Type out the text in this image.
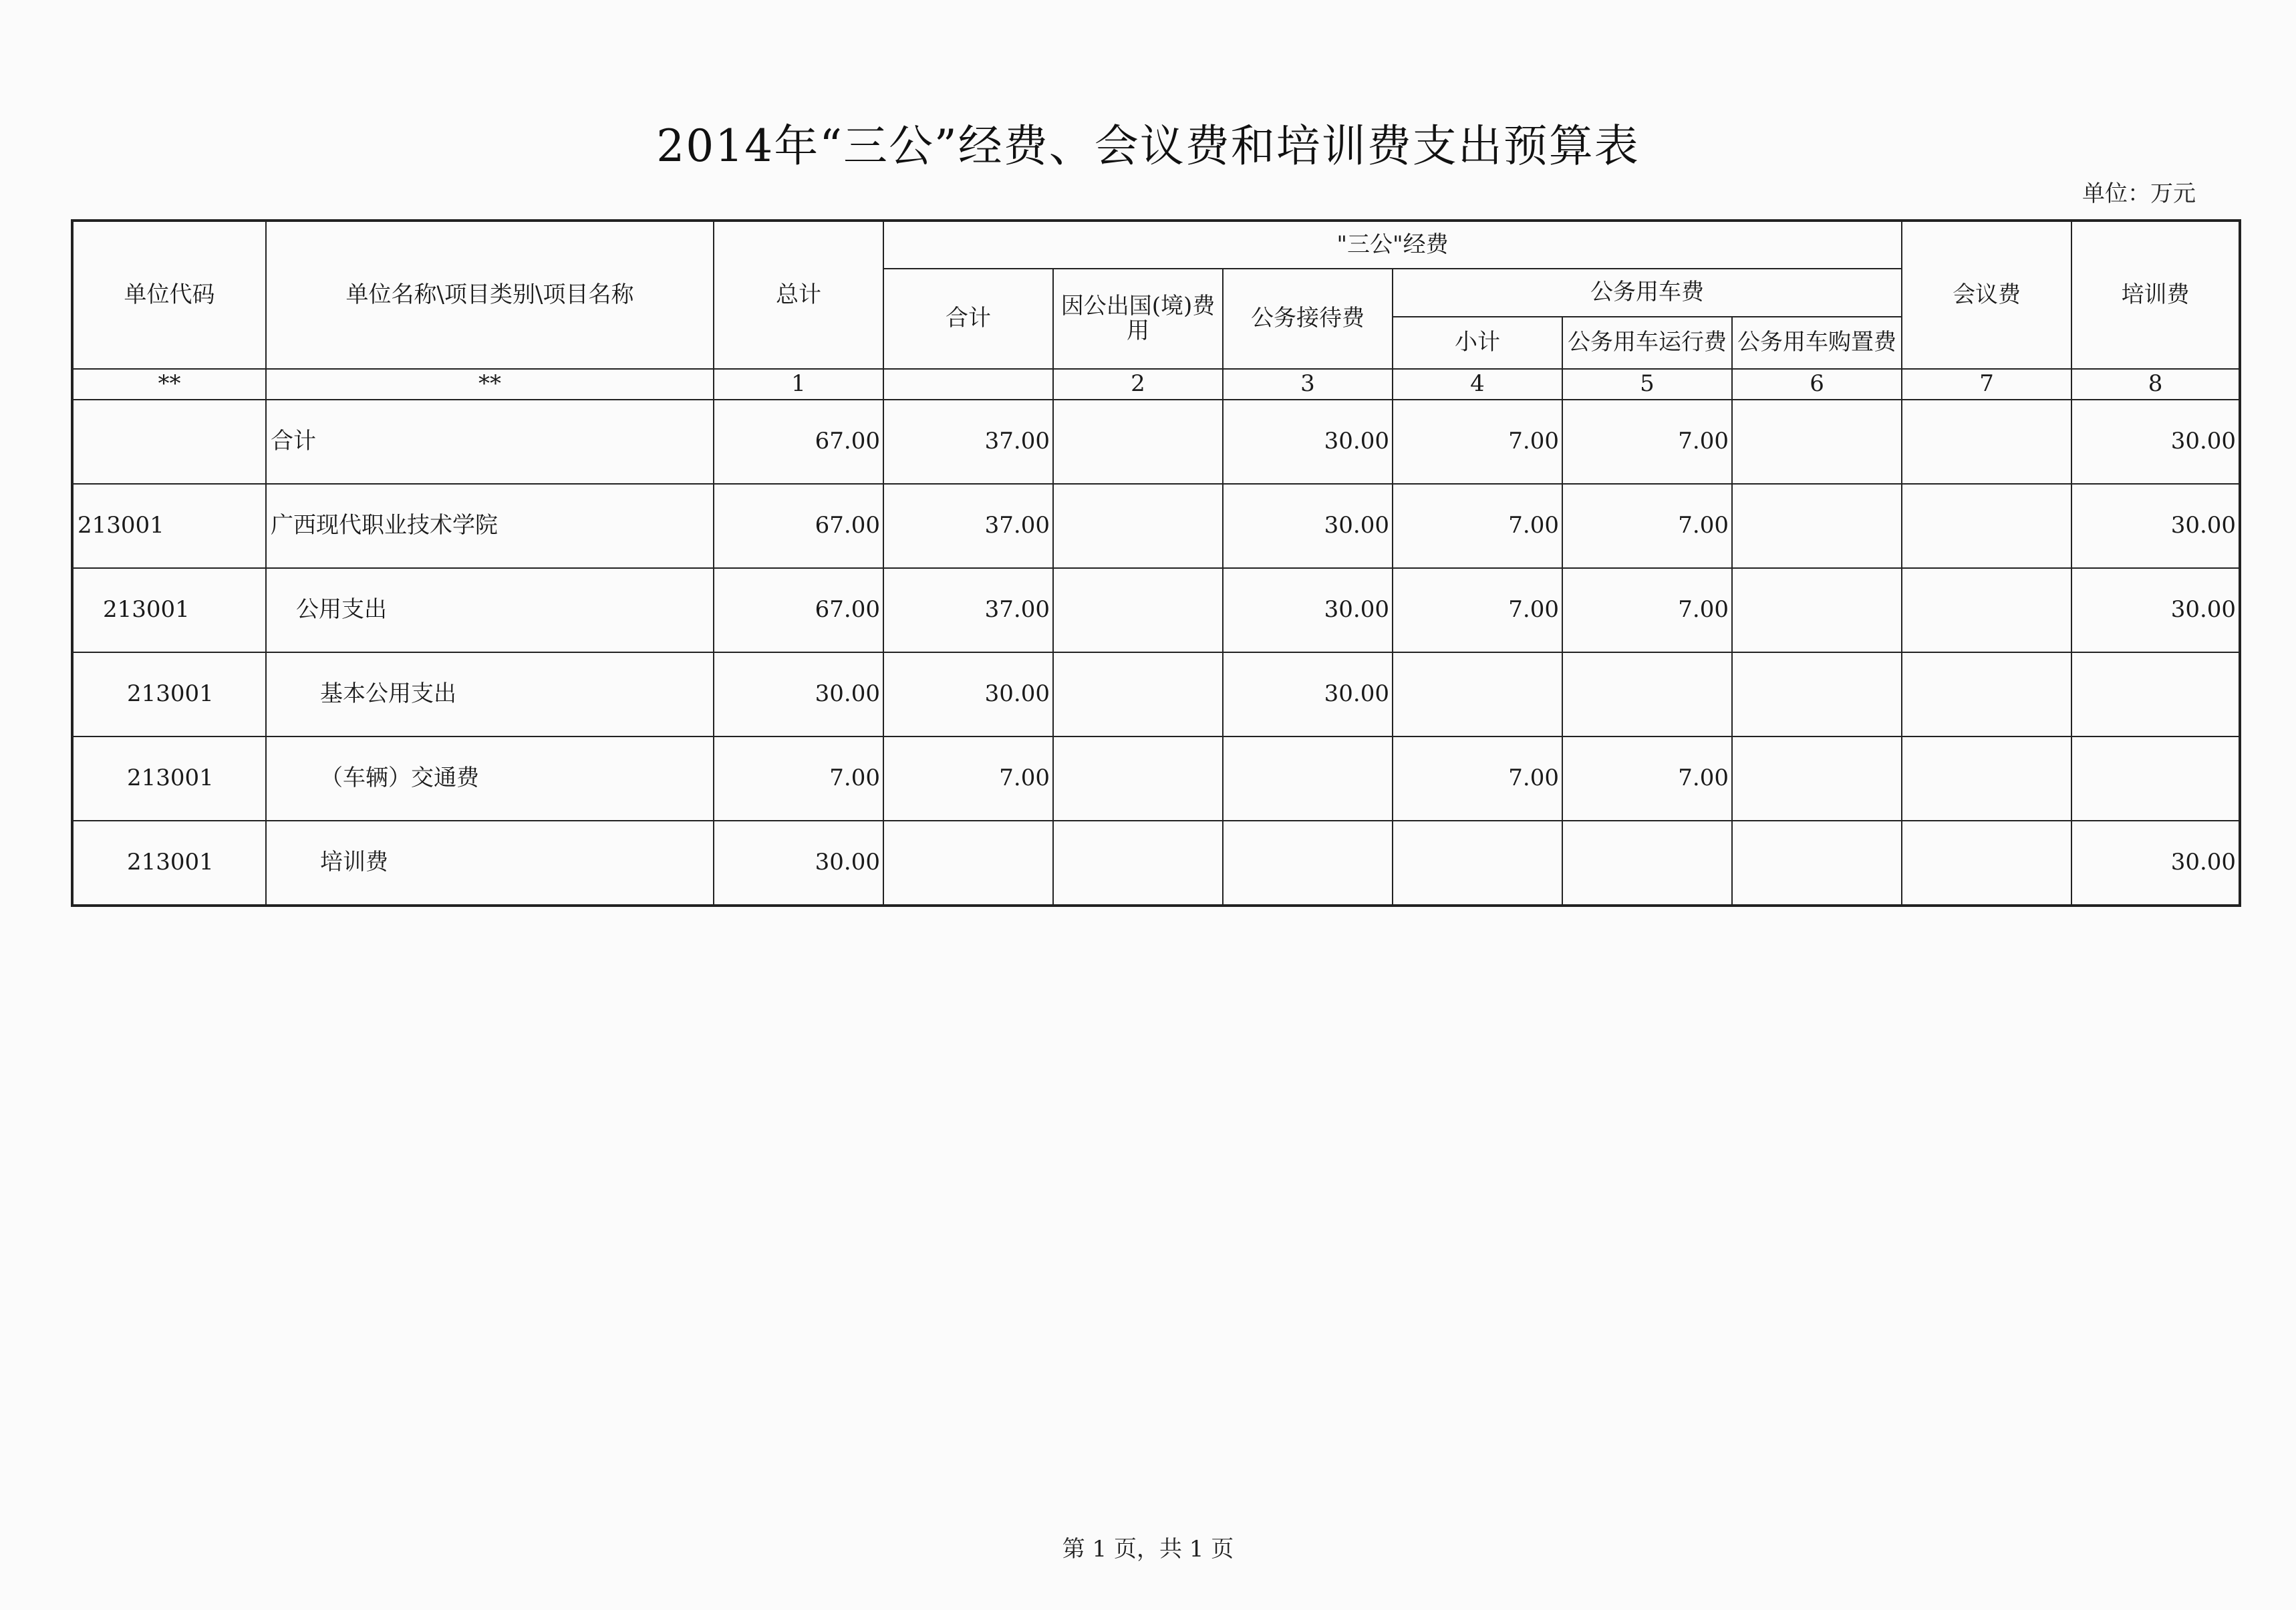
2014年“三公”经费、会议费和培训费支出预算表
单位：万元
单位代码	单位名称\项目类别\项目名称	总计	"三公"经费						会议费	培训费
			合计	因公出国(境)费用	公务接待费	公务用车费				
						小计	公务用车运行费	公务用车购置费		
**	**	1		2	3	4	5	6	7	8
	合计	67.00	37.00		30.00	7.00	7.00			30.00
213001	广西现代职业技术学院	67.00	37.00		30.00	7.00	7.00			30.00
213001	公用支出	67.00	37.00		30.00	7.00	7.00			30.00
213001	基本公用支出	30.00	30.00		30.00					
213001	（车辆）交通费	7.00	7.00			7.00	7.00			
213001	培训费	30.00								30.00
第 1 页，共 1 页
